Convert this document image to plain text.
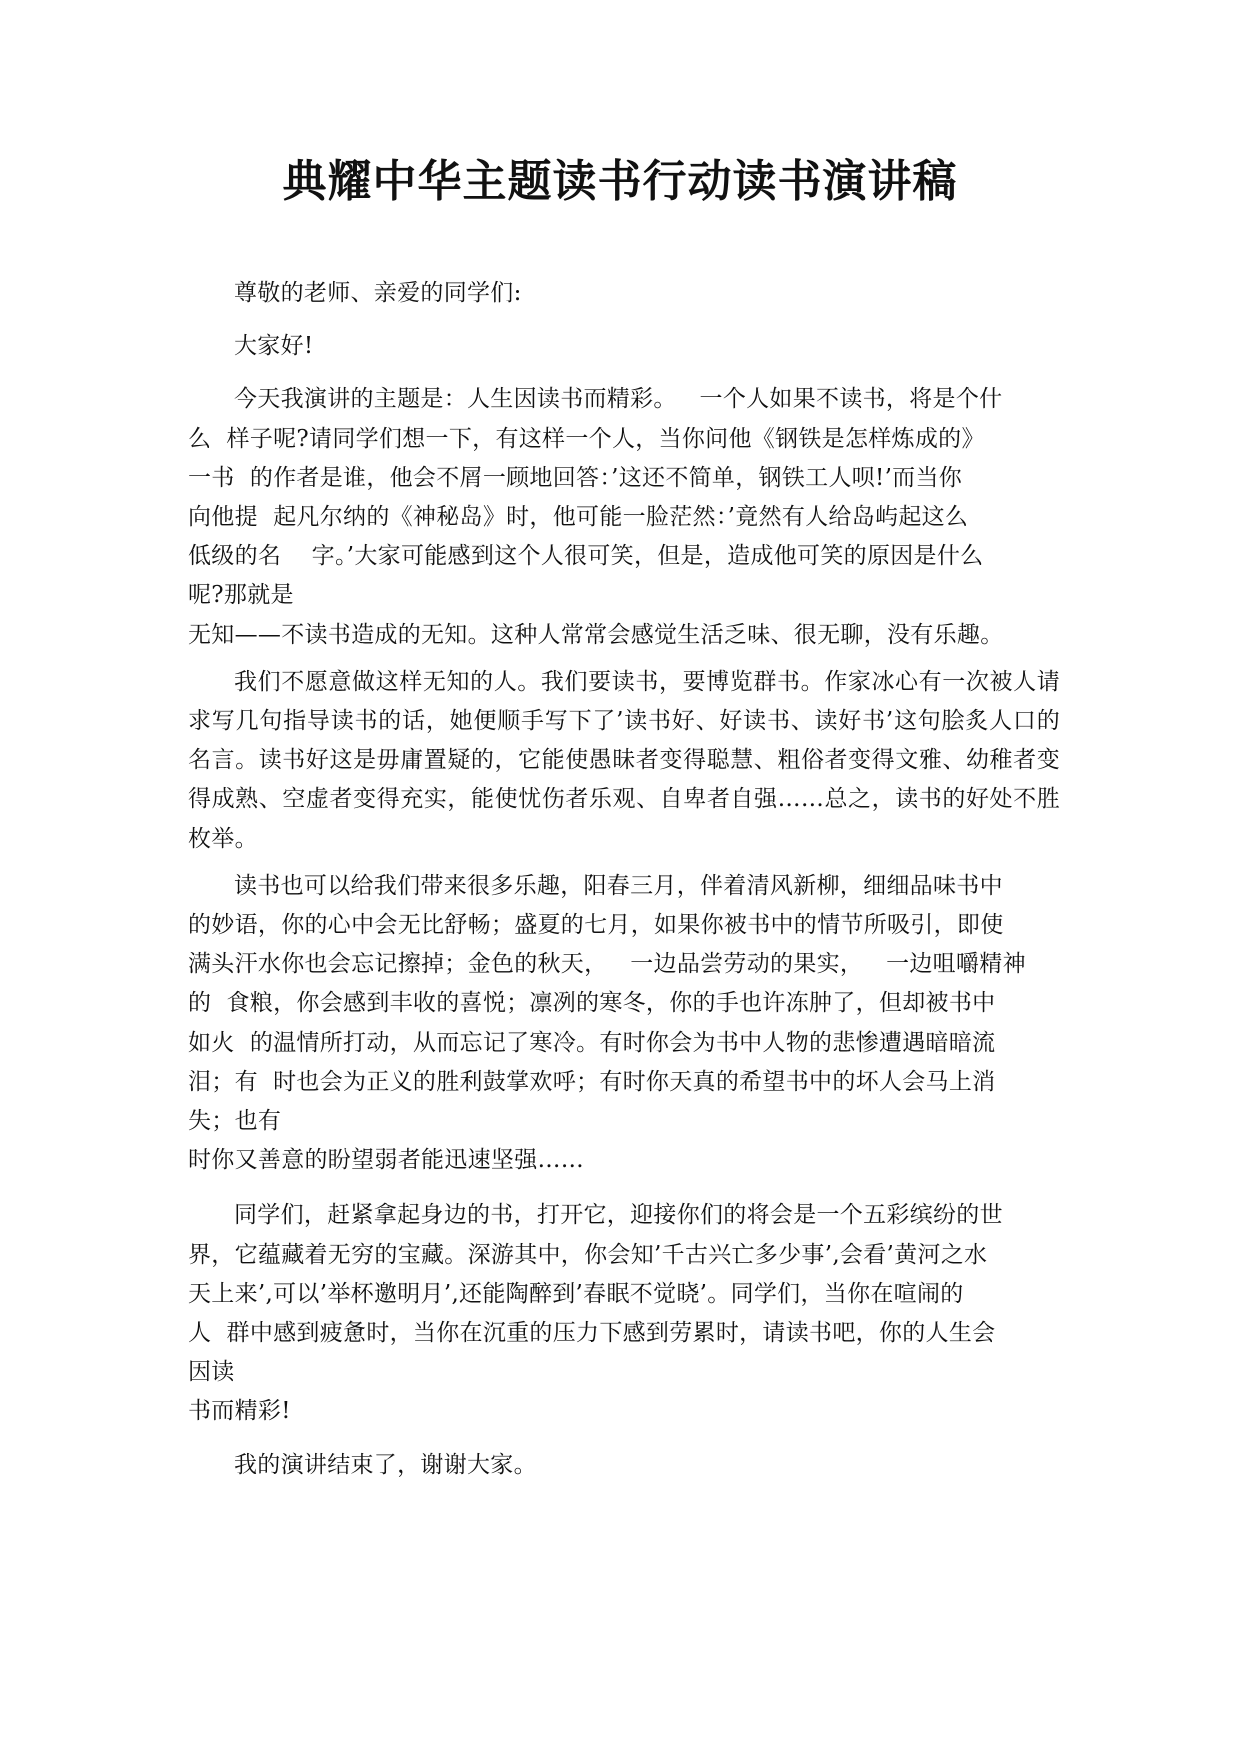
典耀中华主题读书行动读书演讲稿

尊敬的老师、亲爱的同学们:

大家好!

今天我演讲的主题是：人生因读书而精彩。   一个人如果不读书，将是个什

么  样子呢?请同学们想一下，有这样一个人，当你问他《钢铁是怎样炼成的》

一书  的作者是谁，他会不屑一顾地回答：’这还不简单，钢铁工人呗!’而当你

向他提  起凡尔纳的《神秘岛》时，他可能一脸茫然：’竟然有人给岛屿起这么

低级的名    字。’大家可能感到这个人很可笑，但是，造成他可笑的原因是什么

呢?那就是

无知——不读书造成的无知。这种人常常会感觉生活乏味、很无聊，没有乐趣。

我们不愿意做这样无知的人。我们要读书，要博览群书。作家冰心有一次被人请求写几句指导读书的话，她便顺手写下了’读书好、好读书、读好书’这句脍炙人口的名言。读书好这是毋庸置疑的，它能使愚昧者变得聪慧、粗俗者变得文雅、幼稚者变得成熟、空虚者变得充实，能使忧伤者乐观、自卑者自强……总之，读书的好处不胜枚举。

读书也可以给我们带来很多乐趣，阳春三月，伴着清风新柳，细细品味书中

的妙语，你的心中会无比舒畅；盛夏的七月，如果你被书中的情节所吸引，即使

满头汗水你也会忘记擦掉；金色的秋天，   一边品尝劳动的果实，   一边咀嚼精神

的  食粮，你会感到丰收的喜悦；凛冽的寒冬，你的手也许冻肿了，但却被书中

如火  的温情所打动，从而忘记了寒冷。有时你会为书中人物的悲惨遭遇暗暗流

泪；有  时也会为正义的胜利鼓掌欢呼；有时你天真的希望书中的坏人会马上消

失；也有

时你又善意的盼望弱者能迅速坚强……

同学们，赶紧拿起身边的书，打开它，迎接你们的将会是一个五彩缤纷的世

界，它蕴藏着无穷的宝藏。深游其中，你会知’千古兴亡多少事’,会看’黄河之水

天上来’,可以’举杯邀明月’,还能陶醉到’春眠不觉晓’。同学们，当你在喧闹的

人  群中感到疲惫时，当你在沉重的压力下感到劳累时，请读书吧，你的人生会

因读

书而精彩!

我的演讲结束了，谢谢大家。
